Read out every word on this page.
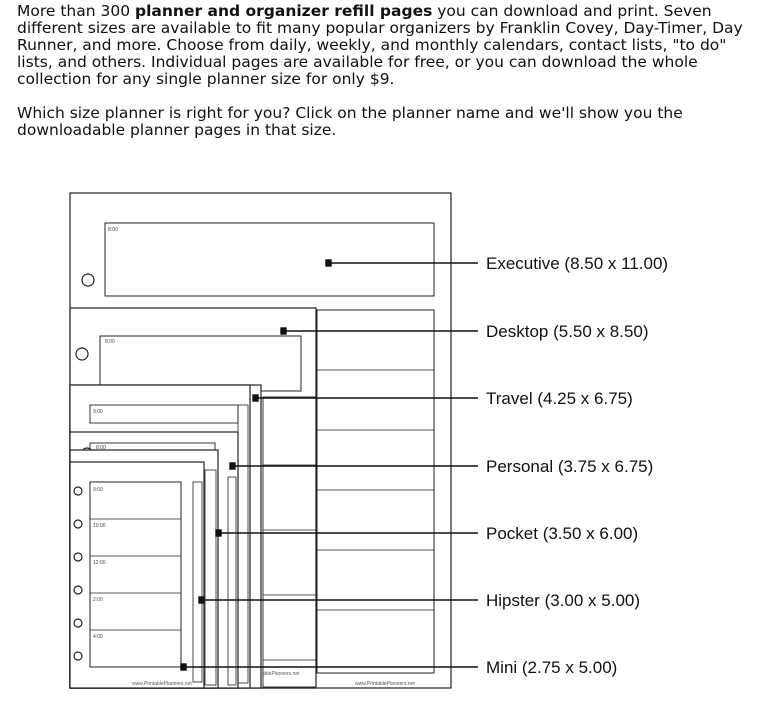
More than 300 planner and organizer refill pages you can download and print. Seven different sizes are available to fit many popular organizers by Franklin Covey, Day-Timer, Day Runner, and more. Choose from daily, weekly, and monthly calendars, contact lists, "to do" lists, and others. Individual pages are available for free, or you can download the whole collection for any single planner size for only $9.

Which size planner is right for you? Click on the planner name and we'll show you the downloadable planner pages in that size.

8:00
8:00
9:00
8:00
9:00
10:00
12:00
2:00
4:00
www.PrintablePlanners.net
ablePlanners.net
www.PrintablePlanners.net
Executive (8.50 x 11.00)
Desktop (5.50 x 8.50)
Travel (4.25 x 6.75)
Personal (3.75 x 6.75)
Pocket (3.50 x 6.00)
Hipster (3.00 x 5.00)
Mini (2.75 x 5.00)
